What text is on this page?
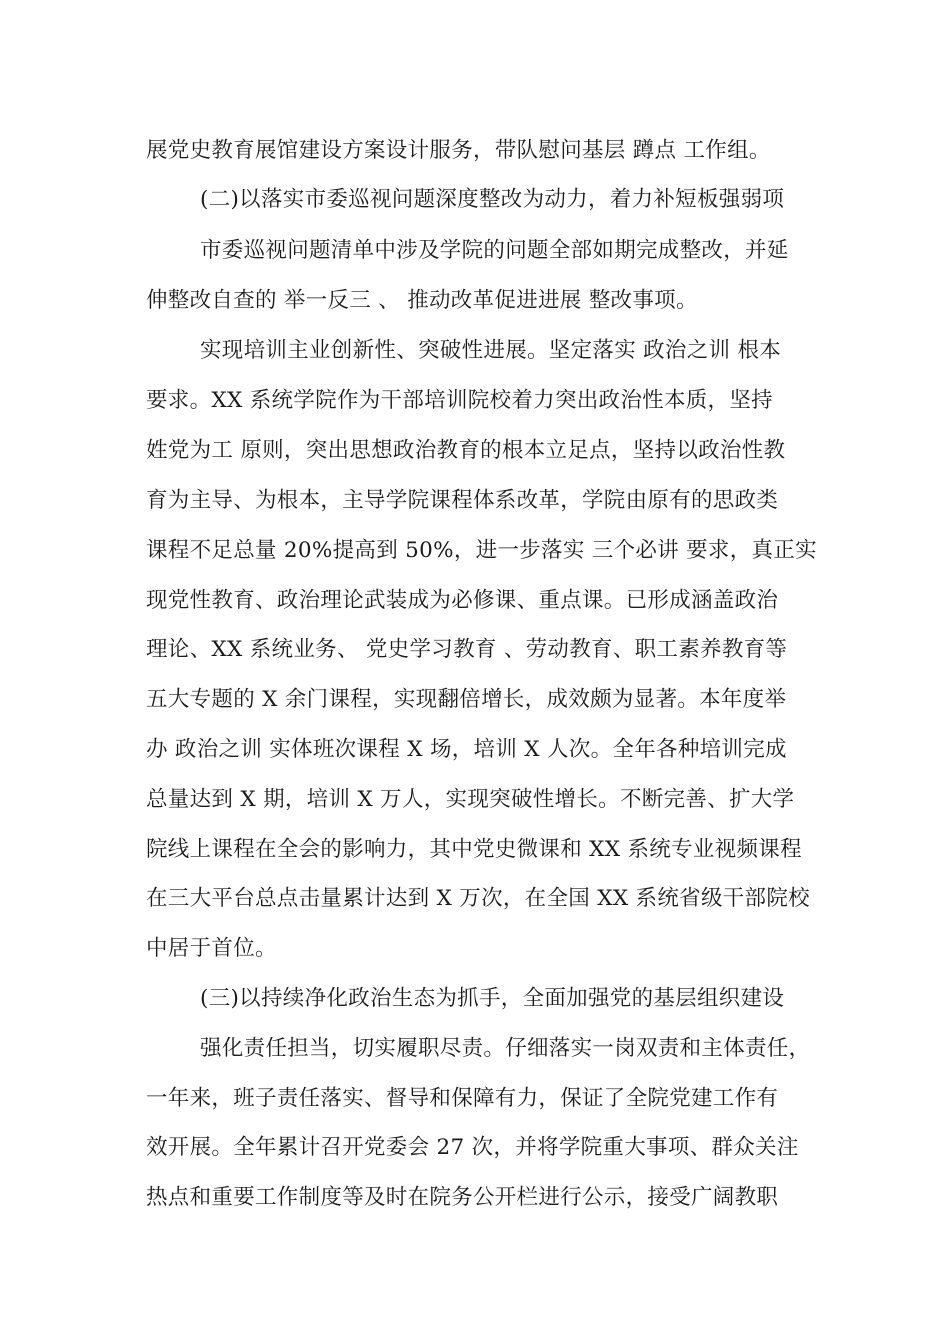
展党史教育展馆建设方案设计服务，带队慰问基层 蹲点 工作组。
(二)以落实市委巡视问题深度整改为动力，着力补短板强弱项
市委巡视问题清单中涉及学院的问题全部如期完成整改，并延
伸整改自查的 举一反三 、 推动改革促进进展 整改事项。
实现培训主业创新性、突破性进展。坚定落实 政治之训 根本
要求。XX 系统学院作为干部培训院校着力突出政治性本质，坚持
姓党为工 原则，突出思想政治教育的根本立足点，坚持以政治性教
育为主导、为根本，主导学院课程体系改革，学院由原有的思政类
课程不足总量 20%提高到 50%，进一步落实 三个必讲 要求，真正实
现党性教育、政治理论武装成为必修课、重点课。已形成涵盖政治
理论、XX 系统业务、 党史学习教育 、劳动教育、职工素养教育等
五大专题的 X 余门课程，实现翻倍增长，成效颇为显著。本年度举
办 政治之训 实体班次课程 X 场，培训 X 人次。全年各种培训完成
总量达到 X 期，培训 X 万人，实现突破性增长。不断完善、扩大学
院线上课程在全会的影响力，其中党史微课和 XX 系统专业视频课程
在三大平台总点击量累计达到 X 万次，在全国 XX 系统省级干部院校
中居于首位。
(三)以持续净化政治生态为抓手，全面加强党的基层组织建设
强化责任担当，切实履职尽责。仔细落实一岗双责和主体责任，
一年来，班子责任落实、督导和保障有力，保证了全院党建工作有
效开展。全年累计召开党委会 27 次，并将学院重大事项、群众关注
热点和重要工作制度等及时在院务公开栏进行公示，接受广阔教职
